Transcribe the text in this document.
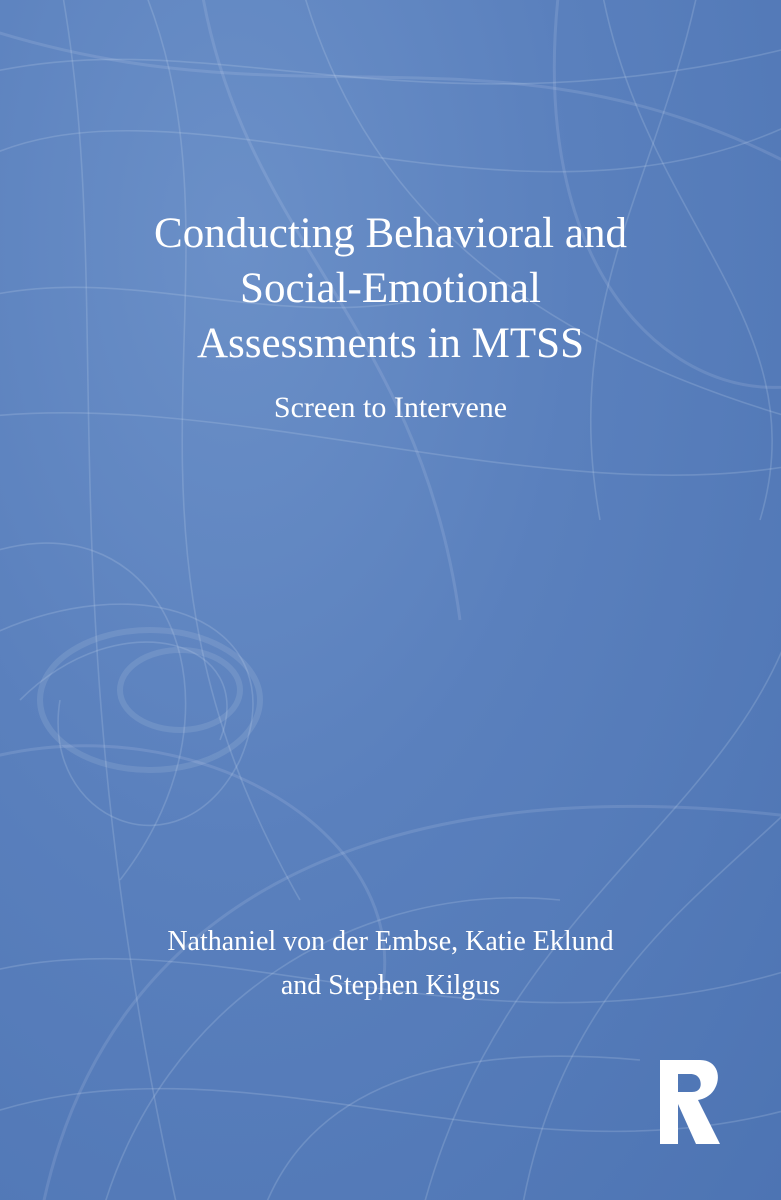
Conducting Behavioral and
Social-Emotional
Assessments in MTSS
Screen to Intervene
Nathaniel von der Embse, Katie Eklund
and Stephen Kilgus
ROUTLEDGE
